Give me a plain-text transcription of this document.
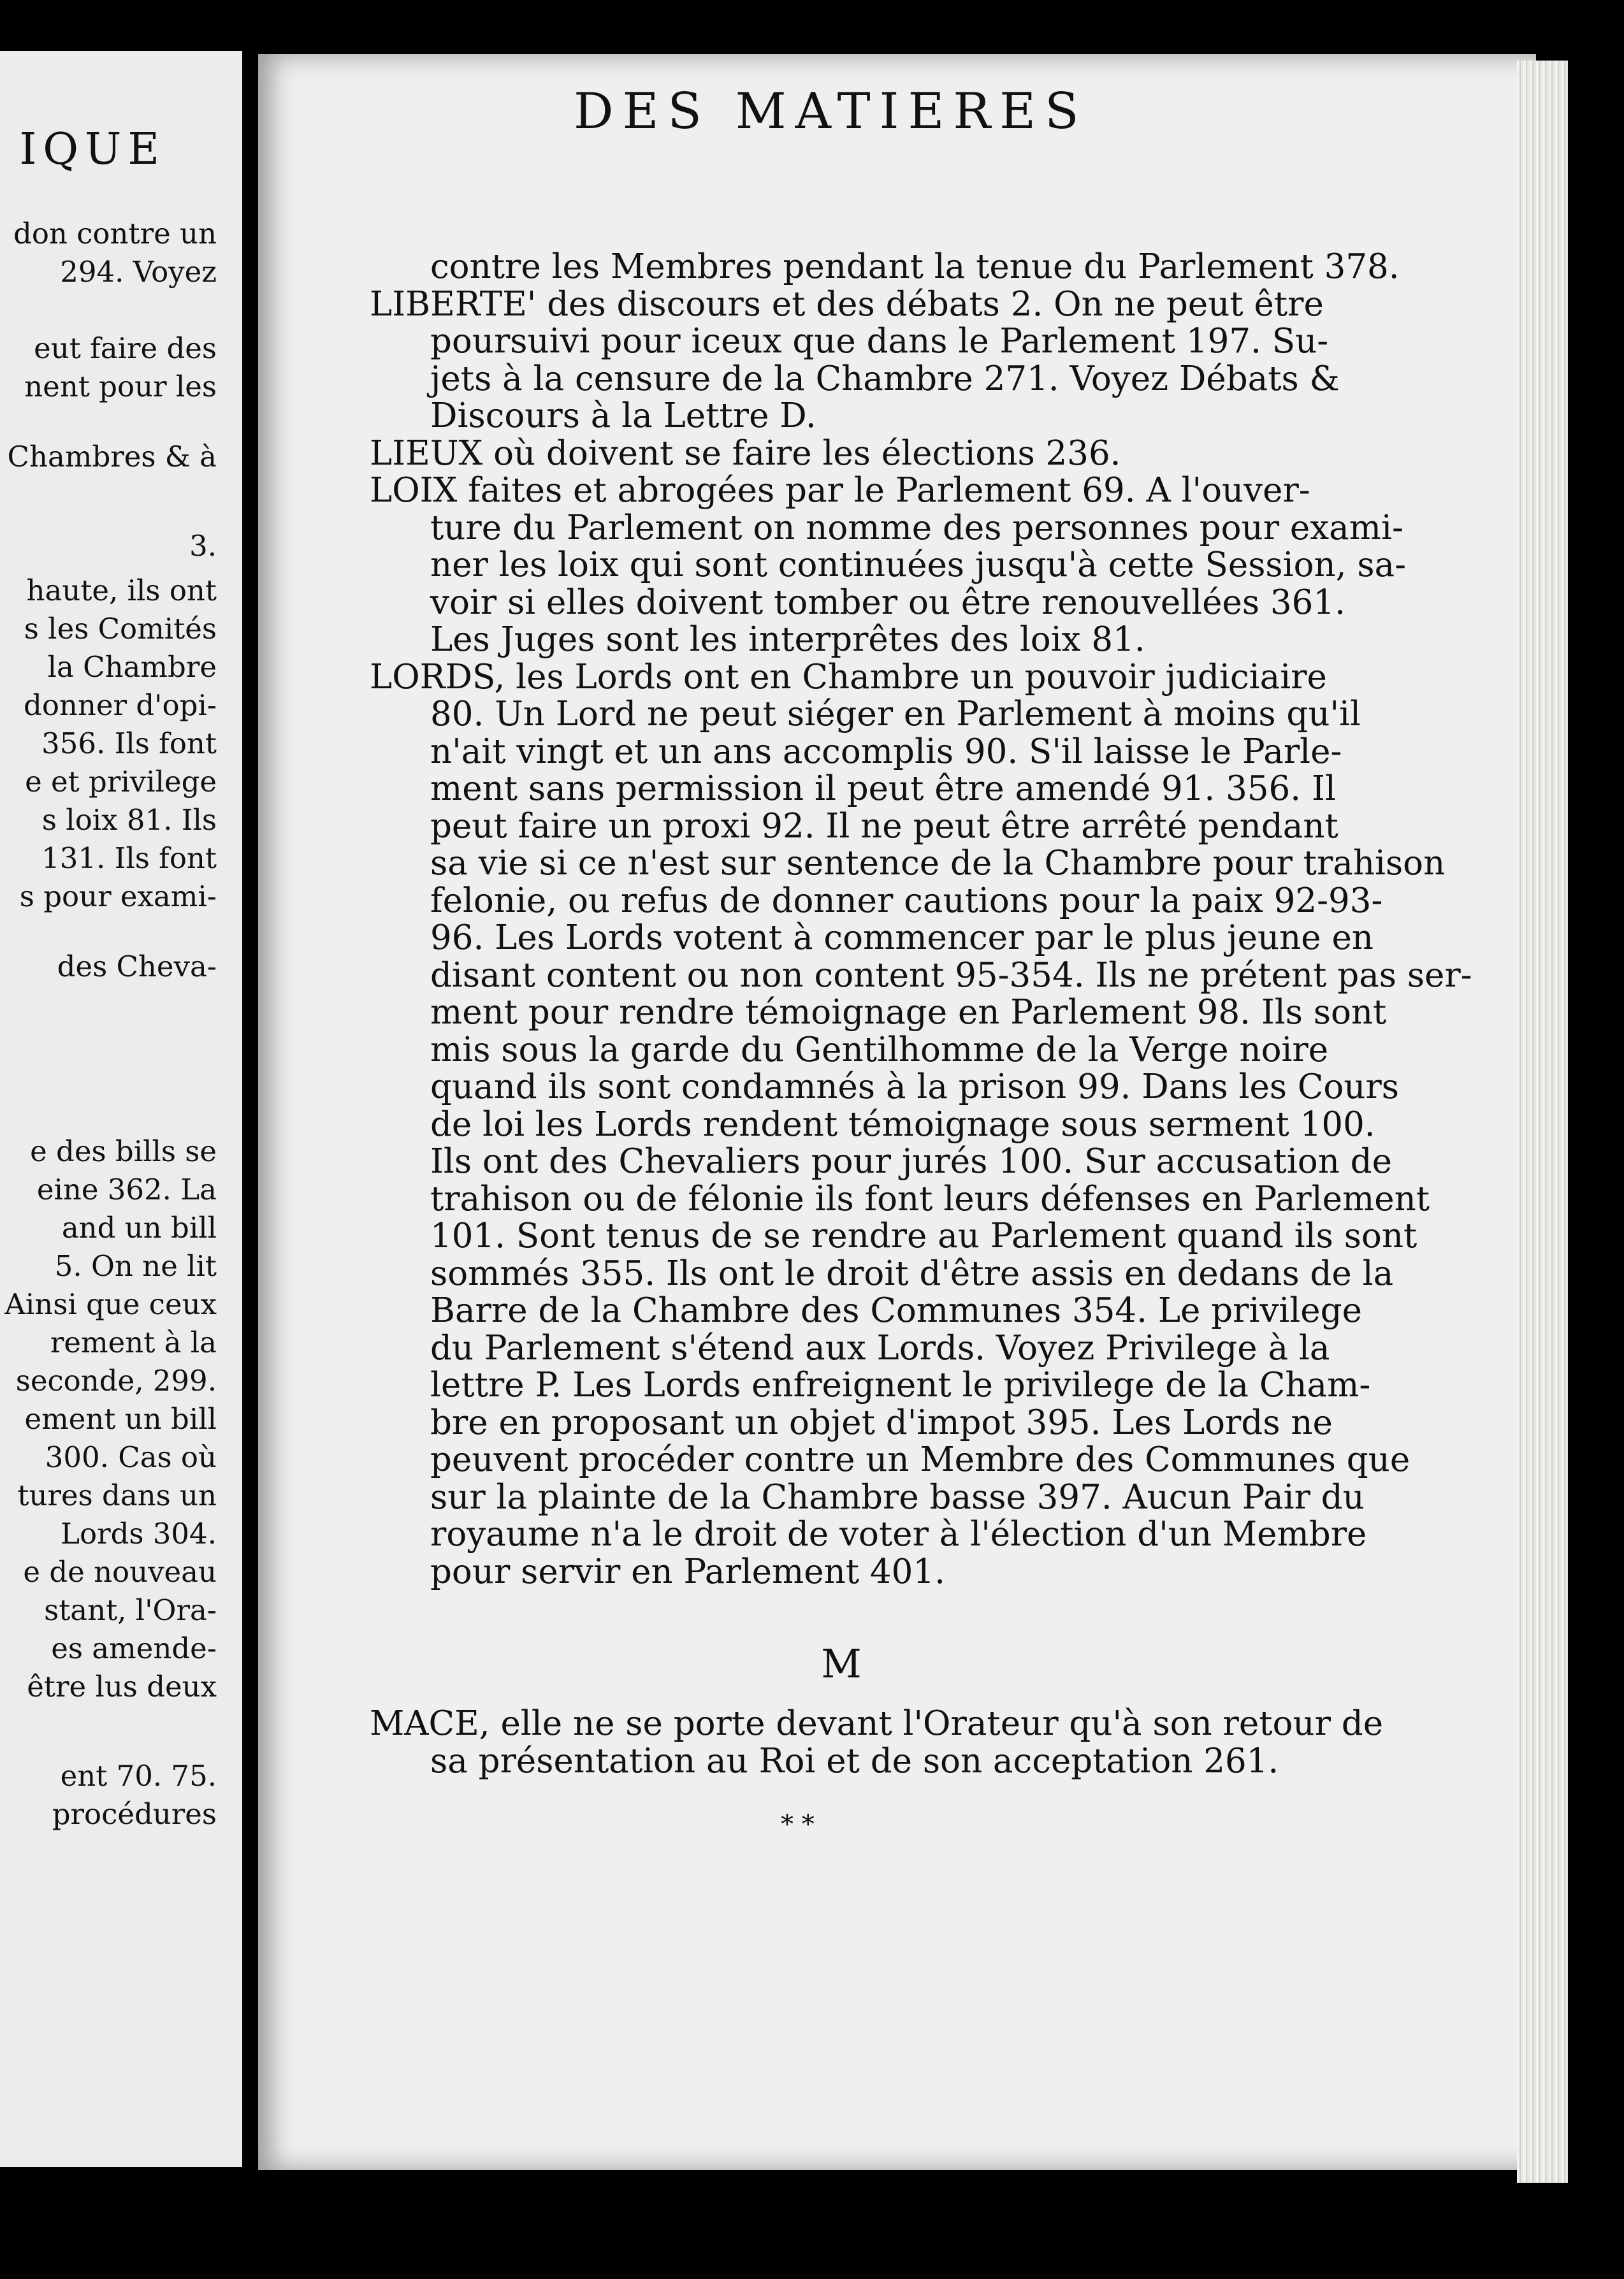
IQUE
don contre un
294. Voyez
eut faire des
nent pour les
Chambres & à
3.
haute, ils ont
s les Comités
la Chambre
donner d'opi-
356. Ils font
e et privilege
s loix 81. Ils
131. Ils font
s pour exami-
des Cheva-
e des bills se
eine 362. La
and un bill
5. On ne lit
Ainsi que ceux
rement à la
seconde, 299.
ement un bill
300. Cas où
tures dans un
Lords 304.
e de nouveau
stant, l'Ora-
es amende-
être lus deux
ent 70. 75.
procédures
DES MATIERES
contre les Membres pendant la tenue du Parlement 378.
LIBERTE' des discours et des débats 2. On ne peut être
poursuivi pour iceux que dans le Parlement 197. Su-
jets à la censure de la Chambre 271. Voyez Débats &
Discours à la Lettre D.
LIEUX où doivent se faire les élections 236.
LOIX faites et abrogées par le Parlement 69. A l'ouver-
ture du Parlement on nomme des personnes pour exami-
ner les loix qui sont continuées jusqu'à cette Session, sa-
voir si elles doivent tomber ou être renouvellées 361.
Les Juges sont les interprêtes des loix 81.
LORDS, les Lords ont en Chambre un pouvoir judiciaire
80. Un Lord ne peut siéger en Parlement à moins qu'il
n'ait vingt et un ans accomplis 90. S'il laisse le Parle-
ment sans permission il peut être amendé 91. 356. Il
peut faire un proxi 92. Il ne peut être arrêté pendant
sa vie si ce n'est sur sentence de la Chambre pour trahison
felonie, ou refus de donner cautions pour la paix 92-93-
96. Les Lords votent à commencer par le plus jeune en
disant content ou non content 95-354. Ils ne prétent pas ser-
ment pour rendre témoignage en Parlement 98. Ils sont
mis sous la garde du Gentilhomme de la Verge noire
quand ils sont condamnés à la prison 99. Dans les Cours
de loi les Lords rendent témoignage sous serment 100.
Ils ont des Chevaliers pour jurés 100. Sur accusation de
trahison ou de félonie ils font leurs défenses en Parlement
101. Sont tenus de se rendre au Parlement quand ils sont
sommés 355. Ils ont le droit d'être assis en dedans de la
Barre de la Chambre des Communes 354. Le privilege
du Parlement s'étend aux Lords. Voyez Privilege à la
lettre P. Les Lords enfreignent le privilege de la Cham-
bre en proposant un objet d'impot 395. Les Lords ne
peuvent procéder contre un Membre des Communes que
sur la plainte de la Chambre basse 397. Aucun Pair du
royaume n'a le droit de voter à l'élection d'un Membre
pour servir en Parlement 401.
M
MACE, elle ne se porte devant l'Orateur qu'à son retour de
sa présentation au Roi et de son acceptation 261.
* *
